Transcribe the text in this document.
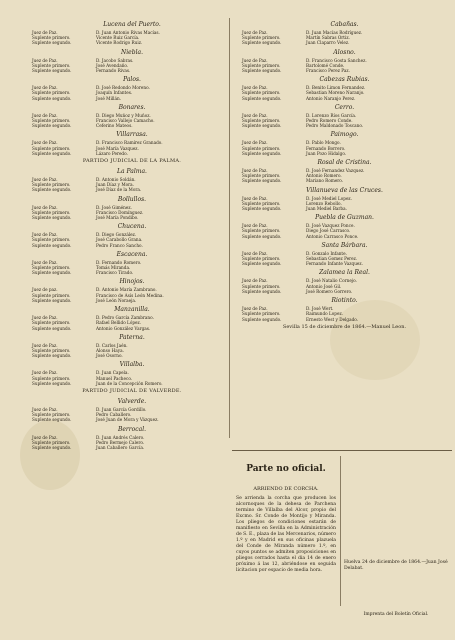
Lucena del Puerto.
Juez de Paz.
Suplente primero.
Suplente segundo.
D. Juan Antonio Rivas Macías.
Vicente Ruiz García.
Vicente Rodrigo Ruiz.
Niebla.
Juez de Paz.
Suplente primero.
Suplente segundo.
D. Jacobo Sabras.
José Avendaño.
Fernando Rivas.
Palos.
Juez de Paz.
Suplente primero.
Suplente segundo.
D. José Redondo Moreno.
Joaquín Infantes.
José Millán.
Bonares.
Juez de Paz.
Suplente primero.
Suplente segundo.
D. Diego Muñoz y Muñoz.
Francisco Vallejo Camacho.
Ceferino Mateos.
Villarrasa.
Juez de Paz.
Suplente primero.
Suplente segundo.
D. Francisco Ramírez Granado.
José María Vazquez.
Lázaro Peredo.
PARTIDO JUDICIAL DE LA PALMA.
La Palma.
Juez de Paz.
Suplente primero.
Suplente segundo.
D. Antonio Soldán.
Juan Díaz y Mora.
José Díaz de la Mora.
Bollullos.
Juez de Paz.
Suplente primero.
Suplente segundo.
D. José Giménez.
Francisco Domínguez.
José María Pondibo.
Chucena.
Juez de Paz.
Suplente primero.
Suplente segundo.
D. Diego González.
José Carabollo Grana.
Pedro Franco Sancho.
Escacena.
Juez de Paz.
Suplente primero.
Suplente segundo.
D. Fernando Romero.
Tomás Miranda.
Francisco Tirado.
Hinojos.
Juez de paz.
Suplente primero.
Suplente segundo.
D. Antonio María Zambrano.
Francisco de Asís León Medina.
José León Noraeja.
Manzanilla.
Juez de Paz.
Suplente primero.
Suplente segundo.
D. Pedro García Zambrano.
Rafael Bellido López.
Antonio González Vargas.
Paterna.
Juez de Paz.
Suplente primero.
Suplente segundo.
D. Carlos Jaén.
Alonso Haya.
José Osorno.
Villalba.
Juez de Paz.
Suplente primero.
Suplente segundo.
D. Juan Capela.
Manuel Pacheco.
Juan de la Concepción Romero.
PARTIDO JUDICIAL DE VALVERDE.
Valverde.
Juez de Paz.
Suplente primero.
Suplente segundo.
D. Juan García Gordillo.
Pedro Caballero.
José Juan de Mora y Vázquez.
Berrocal.
Juez de Paz.
Suplente primero.
Suplente segundo.
D. Juan Andrés Calero.
Pedro Bermejo Calero.
Juan Caballero García.
Cabañas.
Juez de Paz.
Suplente primero.
Suplente segundo.
D. Juan Macías Rodríguez.
Martín Sabras Ortiz.
Juan Claparro Velez.
Alosno.
Juez de Paz.
Suplente primero.
Suplente segundo.
D. Francisco Gosta Sanchez.
Bartolomé Conde.
Francisco Perez Paz.
Cabezas Rubias.
Juez de Paz.
Suplente primero.
Suplente segundo.
D. Benito Limon Fernandez.
Sebastian Moreno Naranjo.
Antonio Naranjo Perez.
Cerro.
Juez de Paz.
Suplente primero.
Suplente segundo.
D. Lorenzo Ríos García.
Pedro Romero Conde.
Pedro Maldonado Toscano.
Paimogo.
Juez de Paz.
Suplente primero.
Suplente segundo.
D. Pablo Mongo.
Fernando Borrero.
Juan Pozo Hidalgo.
Rosal de Cristina.
Juez de Paz.
Suplente primero.
Suplente segundo.
D. José Fernandez Vazquez.
Antonio Romero.
Mariano Romero.
Villanueva de las Cruces.
Juez de Paz.
Suplente primero.
Suplente segundo.
D. José Mediel Lopez.
Lorenzo Rebollo.
Juan Mediel Barba.
Puebla de Guzman.
Juez de Paz.
Suplente primero.
Suplente segundo.
D. José Vazquez Ponce.
Diego José Carrasco.
Antonio Carrasco Ponce.
Santa Bárbara.
Juez de Paz.
Suplente primero.
Suplente segundo.
D. Gonzalo Infante.
Sebastian Gomez Perez.
Fernando Infante Vazquez.
Zalamea la Real.
Juez de Paz.
Suplente primero.
Suplente segundo.
D. José Natalio Cornejo.
Antonio José Gil.
José Romero Gorrero.
Riotinto.
Juez de Paz.
Suplente primero.
Suplente segundo.
D. José Wert.
Raimundo Lopez.
Ernesto West y Delgado.
Sevilla 15 de diciembre de 1864.—Manuel Leon.
Parte no oficial.
ARRIENDO DE CORCHA.
Se arrienda la corcha que producen los alcornoques de la dehesa de Parchena termino de Villalba del Alcor, propio del Excmo. Sr. Conde de Montijo y Miranda. Los pliegos de condiciones estarán de manifiesto en Sevilla en la Administración de S. E., plaza de las Mercenarios, número 1.º y en Madrid en sus oficinas plazuela del Conde de Miranda número 1.º, en cuyos puntos se admiten proposiciones en pliegos cerrados hasta el dia 14 de enero próximo á las 12, abriéndose en seguida licitacion por espacio de media hora.
Huelva 24 de diciembre de 1864.—Juan José Delabat.
Imprenta del Boletín Oficial.
